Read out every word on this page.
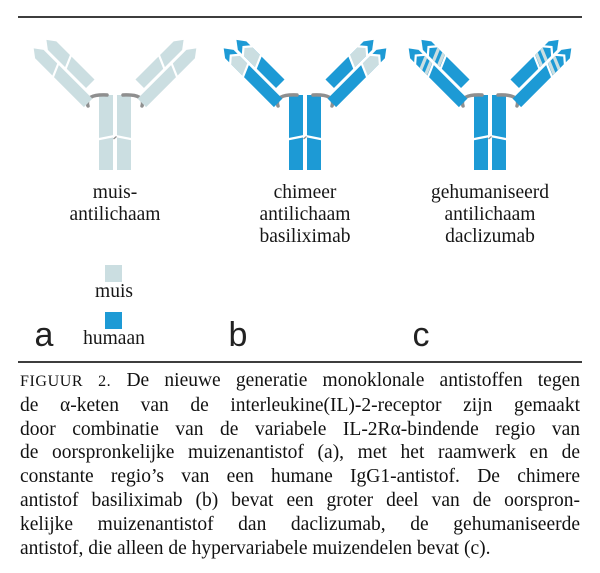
muis-
antilichaam
chimeer
antilichaam
basiliximab
gehumaniseerd
antilichaam
daclizumab
muis
humaan
a	b	c
FIGUUR 2. De nieuwe generatie monoklonale antistoffen tegen
de α-keten van de interleukine(IL)-2-receptor zijn gemaakt
door combinatie van de variabele IL-2Rα-bindende regio van
de oorspronkelijke muizenantistof (a), met het raamwerk en de
constante regio’s van een humane IgG1-antistof. De chimere
antistof basiliximab (b) bevat een groter deel van de oorspron-
kelijke muizenantistof dan daclizumab, de gehumaniseerde
antistof, die alleen de hypervariabele muizendelen bevat (c).
